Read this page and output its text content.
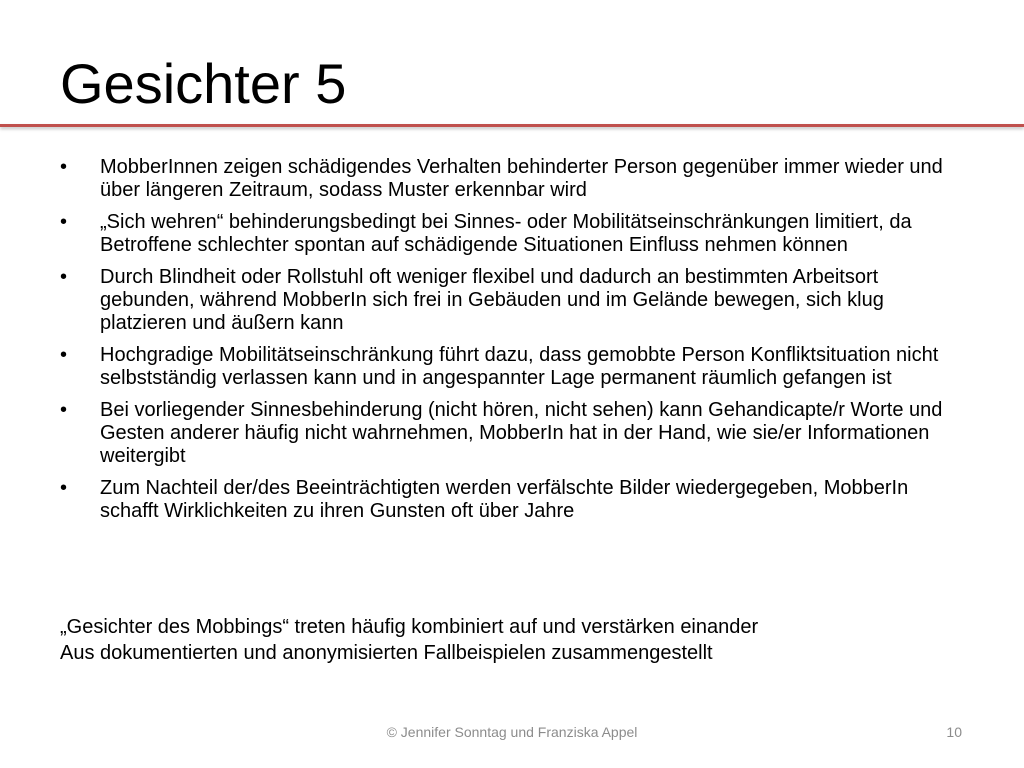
Gesichter 5
•	MobberInnen zeigen schädigendes Verhalten behinderter Person gegenüber immer wieder und über längeren Zeitraum, sodass Muster erkennbar wird
•	„Sich wehren“ behinderungsbedingt bei Sinnes- oder Mobilitätseinschränkungen limitiert, da Betroffene schlechter spontan auf schädigende Situationen Einfluss nehmen können
•	Durch Blindheit oder Rollstuhl oft weniger flexibel und dadurch an bestimmten Arbeitsort gebunden, während MobberIn sich frei in Gebäuden und im Gelände bewegen, sich klug platzieren und äußern kann
•	Hochgradige Mobilitätseinschränkung führt dazu, dass gemobbte Person Konfliktsituation nicht selbstständig verlassen kann und in angespannter Lage permanent räumlich gefangen ist
•	Bei vorliegender Sinnesbehinderung (nicht hören, nicht sehen) kann Gehandicapte/r Worte und Gesten anderer häufig nicht wahrnehmen, MobberIn hat in der Hand, wie sie/er Informationen weitergibt
•	Zum Nachteil der/des Beeinträchtigten werden verfälschte Bilder wiedergegeben, MobberIn schafft Wirklichkeiten zu ihren Gunsten oft über Jahre
„Gesichter des Mobbings“ treten häufig kombiniert auf und verstärken einander
Aus dokumentierten und anonymisierten Fallbeispielen zusammengestellt
© Jennifer Sonntag und Franziska Appel	10
